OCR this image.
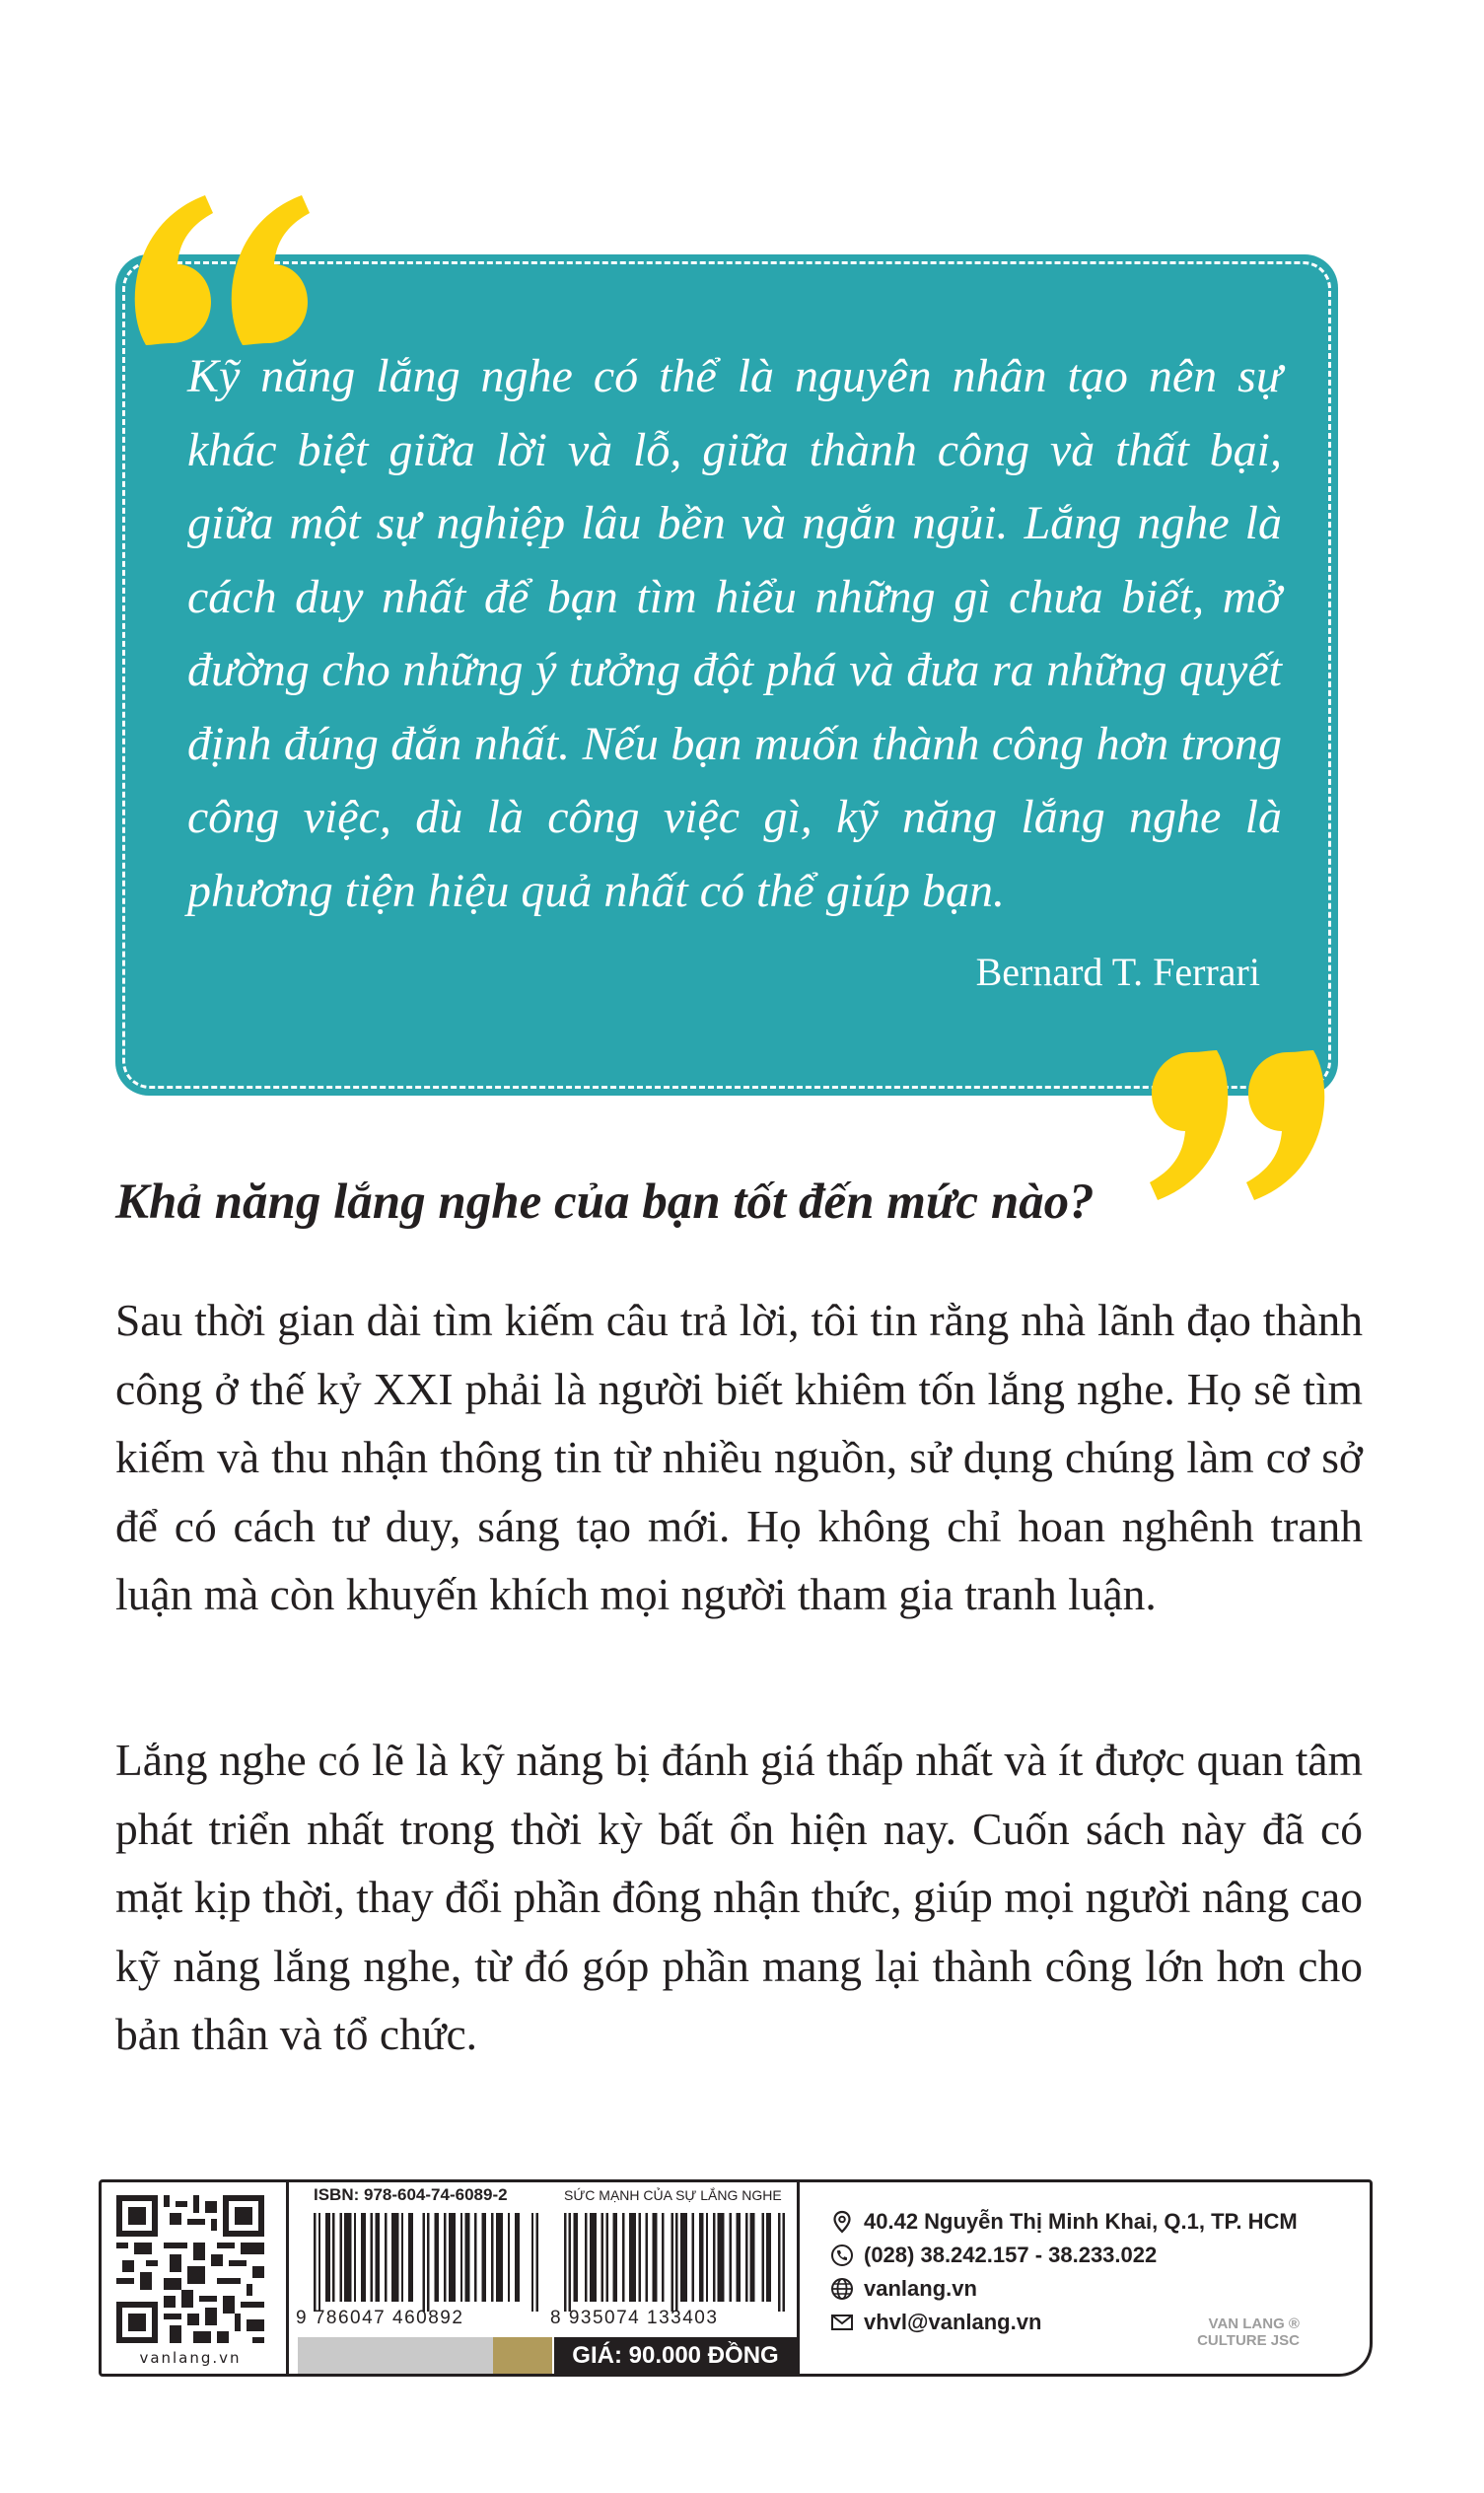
Kỹ năng lắng nghe có thể là nguyên nhân tạo nên sự khác biệt giữa lời và lỗ, giữa thành công và thất bại, giữa một sự nghiệp lâu bền và ngắn ngủi. Lắng nghe là cách duy nhất để bạn tìm hiểu những gì chưa biết, mở đường cho những ý tưởng đột phá và đưa ra những quyết định đúng đắn nhất. Nếu bạn muốn thành công hơn trong công việc, dù là công việc gì, kỹ năng lắng nghe là phương tiện hiệu quả nhất có thể giúp bạn.

Bernard T. Ferrari

Khả năng lắng nghe của bạn tốt đến mức nào?

Sau thời gian dài tìm kiếm câu trả lời, tôi tin rằng nhà lãnh đạo thành công ở thế kỷ XXI phải là người biết khiêm tốn lắng nghe. Họ sẽ tìm kiếm và thu nhận thông tin từ nhiều nguồn, sử dụng chúng làm cơ sở để có cách tư duy, sáng tạo mới. Họ không chỉ hoan nghênh tranh luận mà còn khuyến khích mọi người tham gia tranh luận.

Lắng nghe có lẽ là kỹ năng bị đánh giá thấp nhất và ít được quan tâm phát triển nhất trong thời kỳ bất ổn hiện nay. Cuốn sách này đã có mặt kịp thời, thay đổi phần đông nhận thức, giúp mọi người nâng cao kỹ năng lắng nghe, từ đó góp phần mang lại thành công lớn hơn cho bản thân và tổ chức.

vanlang.vn
ISBN: 978-604-74-6089-2	SỨC MẠNH CỦA SỰ LẮNG NGHE
9 786047 460892	8 935074 133403
GIÁ: 90.000 ĐỒNG
40.42 Nguyễn Thị Minh Khai, Q.1, TP. HCM
(028) 38.242.157 - 38.233.022
vanlang.vn
vhvl@vanlang.vn	VAN LANG ®
CULTURE JSC
